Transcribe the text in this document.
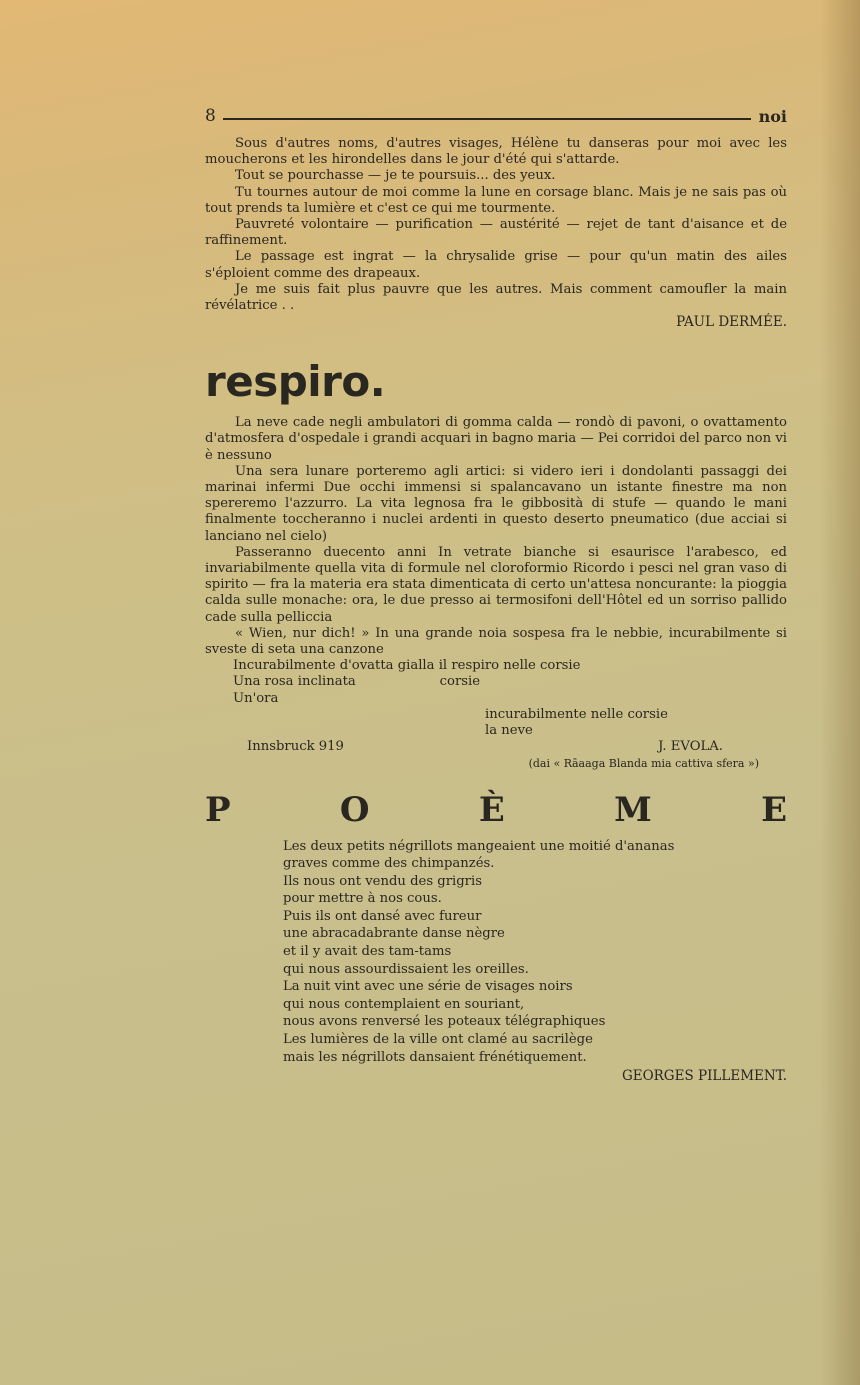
8	noi

Sous d'autres noms, d'autres visages, Hélène tu danseras pour moi avec les moucherons et les hirondelles dans le jour d'été qui s'attarde.

Tout se pourchasse — je te poursuis... des yeux.

Tu tournes autour de moi comme la lune en corsage blanc. Mais je ne sais pas où tout prends ta lumière et c'est ce qui me tourmente.

Pauvreté volontaire — purification — austérité — rejet de tant d'aisance et de raffinement.

Le passage est ingrat — la chrysalide grise — pour qu'un matin des ailes s'éploient comme des drapeaux.

Je me suis fait plus pauvre que les autres. Mais comment camoufler la main révélatrice . .

PAUL DERMÉE.
respiro.

La neve cade negli ambulatori di gomma calda — rondò di pavoni, o ovattamento d'atmosfera d'ospedale i grandi acquari in bagno maria — Pei corridoi del parco non vi è nessuno

Una sera lunare porteremo agli artici: si videro ieri i dondolanti passaggi dei marinai infermi Due occhi immensi si spalancavano un istante finestre ma non spereremo l'azzurro. La vita legnosa fra le gibbosità di stufe — quando le mani finalmente toccheranno i nuclei ardenti in questo deserto pneumatico (due acciai si lanciano nel cielo)

Passeranno duecento anni In vetrate bianche si esaurisce l'arabesco, ed invariabilmente quella vita di formule nel cloroformio Ricordo i pesci nel gran vaso di spirito — fra la materia era stata dimenticata di certo un'attesa noncurante: la pioggia calda sulle monache: ora, le due presso ai termosifoni dell'Hôtel ed un sorriso pallido cade sulla pelliccia

« Wien, nur dich! » In una grande noia sospesa fra le nebbie, incurabilmente si sveste di seta una canzone

Incurabilmente d'ovatta gialla il respiro nelle corsie
Una rosa inclinata                    corsie
Un'ora
incurabilmente nelle corsie
la neve
Innsbruck 919	J. EVOLA.
(dai « Rāaaga Blanda mia cattiva sfera »)
P	O	È	M	E

Les deux petits négrillots mangeaient une moitié d'ananas

graves comme des chimpanzés.

Ils nous ont vendu des grigris

pour mettre à nos cous.

Puis ils ont dansé avec fureur

une abracadabrante danse nègre

et il y avait des tam-tams

qui nous assourdissaient les oreilles.

La nuit vint avec une série de visages noirs

qui nous contemplaient en souriant,

nous avons renversé les poteaux télégraphiques

Les lumières de la ville ont clamé au sacrilège

mais les négrillots dansaient frénétiquement.

GEORGES PILLEMENT.
